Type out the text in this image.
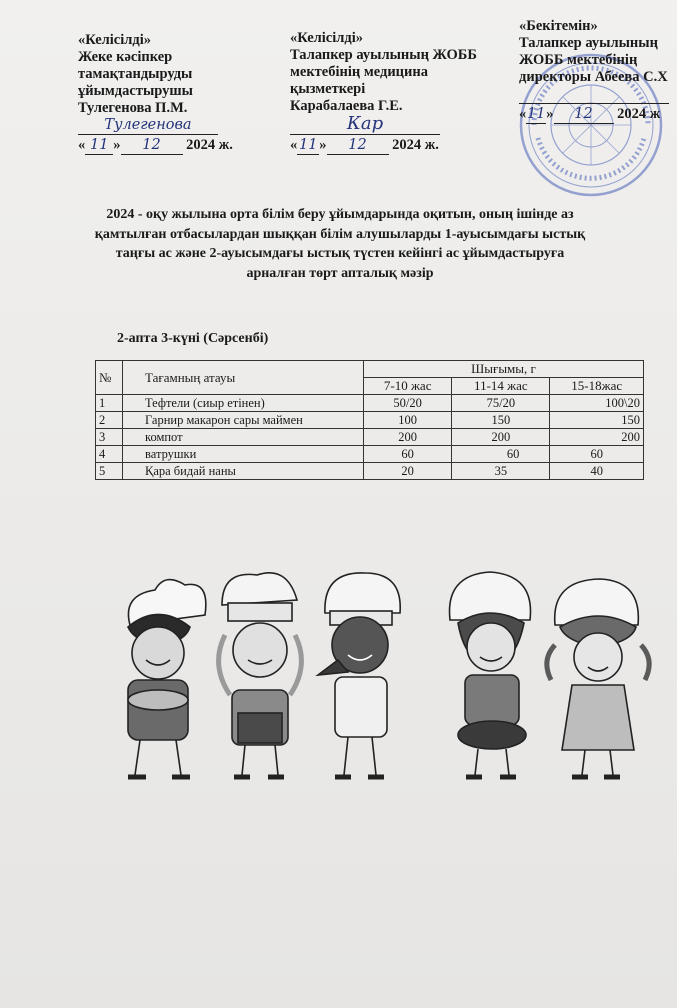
«Келісілді»
Жеке кәсіпкер
тамақтандыруды
ұйымдастырушы
Тулегенова П.М.
Тулегенова
« 11 » 12 2024 ж.
«Келісілді»
Талапкер ауылының ЖОББ
мектебінің медицина
қызметкері
Карабалаева Г.Е.
Кар
« 11 » 12 2024 ж.
«Бекітемін»
Талапкер ауылының
ЖОББ мектебінің
директоры Абеева С.Х

«11» 12 2024 ж
2024 - оқу жылына орта білім беру ұйымдарында оқитын, оның ішінде аз қамтылған отбасылардан шыққан білім алушыларды 1-ауысымдағы ыстық таңғы ас және 2-ауысымдағы ыстық түстен кейінгі ас ұйымдастыруға арналған төрт апталық мәзір
2-апта 3-күні (Сәрсенбі)
№	Тағамның атауы	Шығымы, г		
		7-10 жас	11-14 жас	15-18жас
1	Тефтели (сиыр етінен)	50/20	75/20	100\20
2	Гарнир макарон сары маймен	100	150	150
3	компот	200	200	200
4	ватрушки	60	60	60
5	Қара бидай наны	20	35	40
